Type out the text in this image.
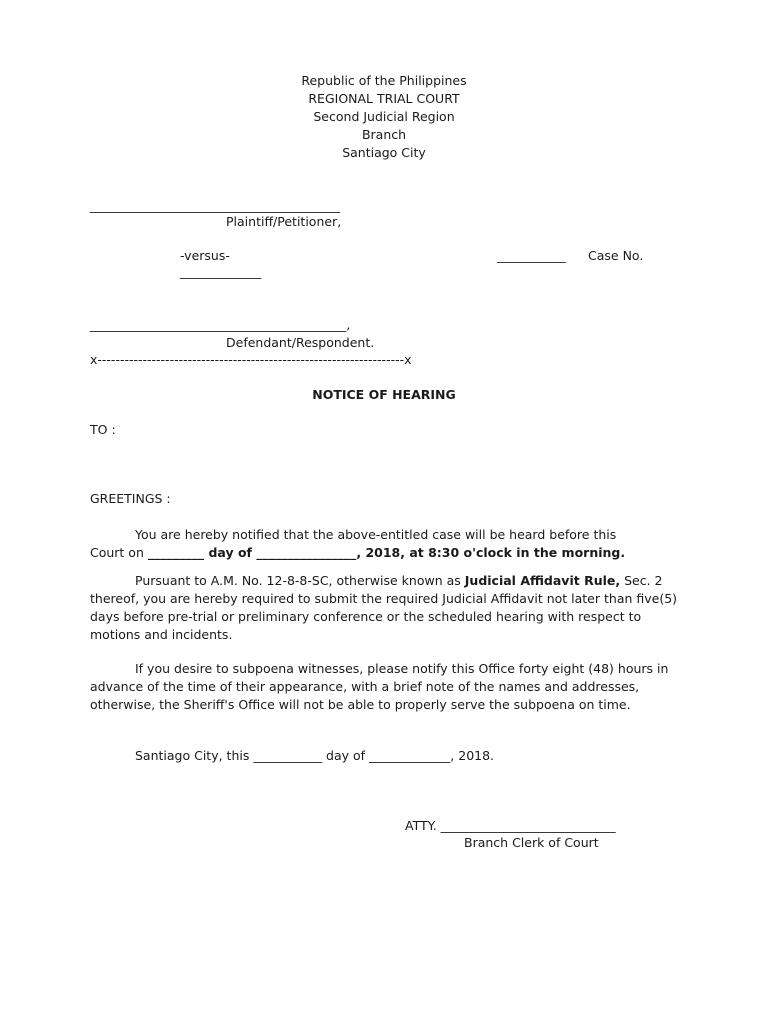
Republic of the Philippines
REGIONAL TRIAL COURT
Second Judicial Region
Branch
Santiago City
________________________________________
Plaintiff/Petitioner,
-versus-
_____________
___________ Case No.
_________________________________________,
Defendant/Respondent.
x--------------------------------------------------------------------x
NOTICE OF HEARING
TO :
GREETINGS :
You are hereby notified that the above-entitled case will be heard before this
Court on _________ day of ________________, 2018, at 8:30 o'clock in the morning.
Pursuant to A.M. No. 12-8-8-SC, otherwise known as Judicial Affidavit Rule, Sec. 2 thereof, you are hereby required to submit the required Judicial Affidavit not later than five(5) days before pre-trial or preliminary conference or the scheduled hearing with respect to motions and incidents.
If you desire to subpoena witnesses, please notify this Office forty eight (48) hours in advance of the time of their appearance, with a brief note of the names and addresses, otherwise, the Sheriff's Office will not be able to properly serve the subpoena on time.
Santiago City, this ___________ day of _____________, 2018.
ATTY. ____________________________
Branch Clerk of Court
